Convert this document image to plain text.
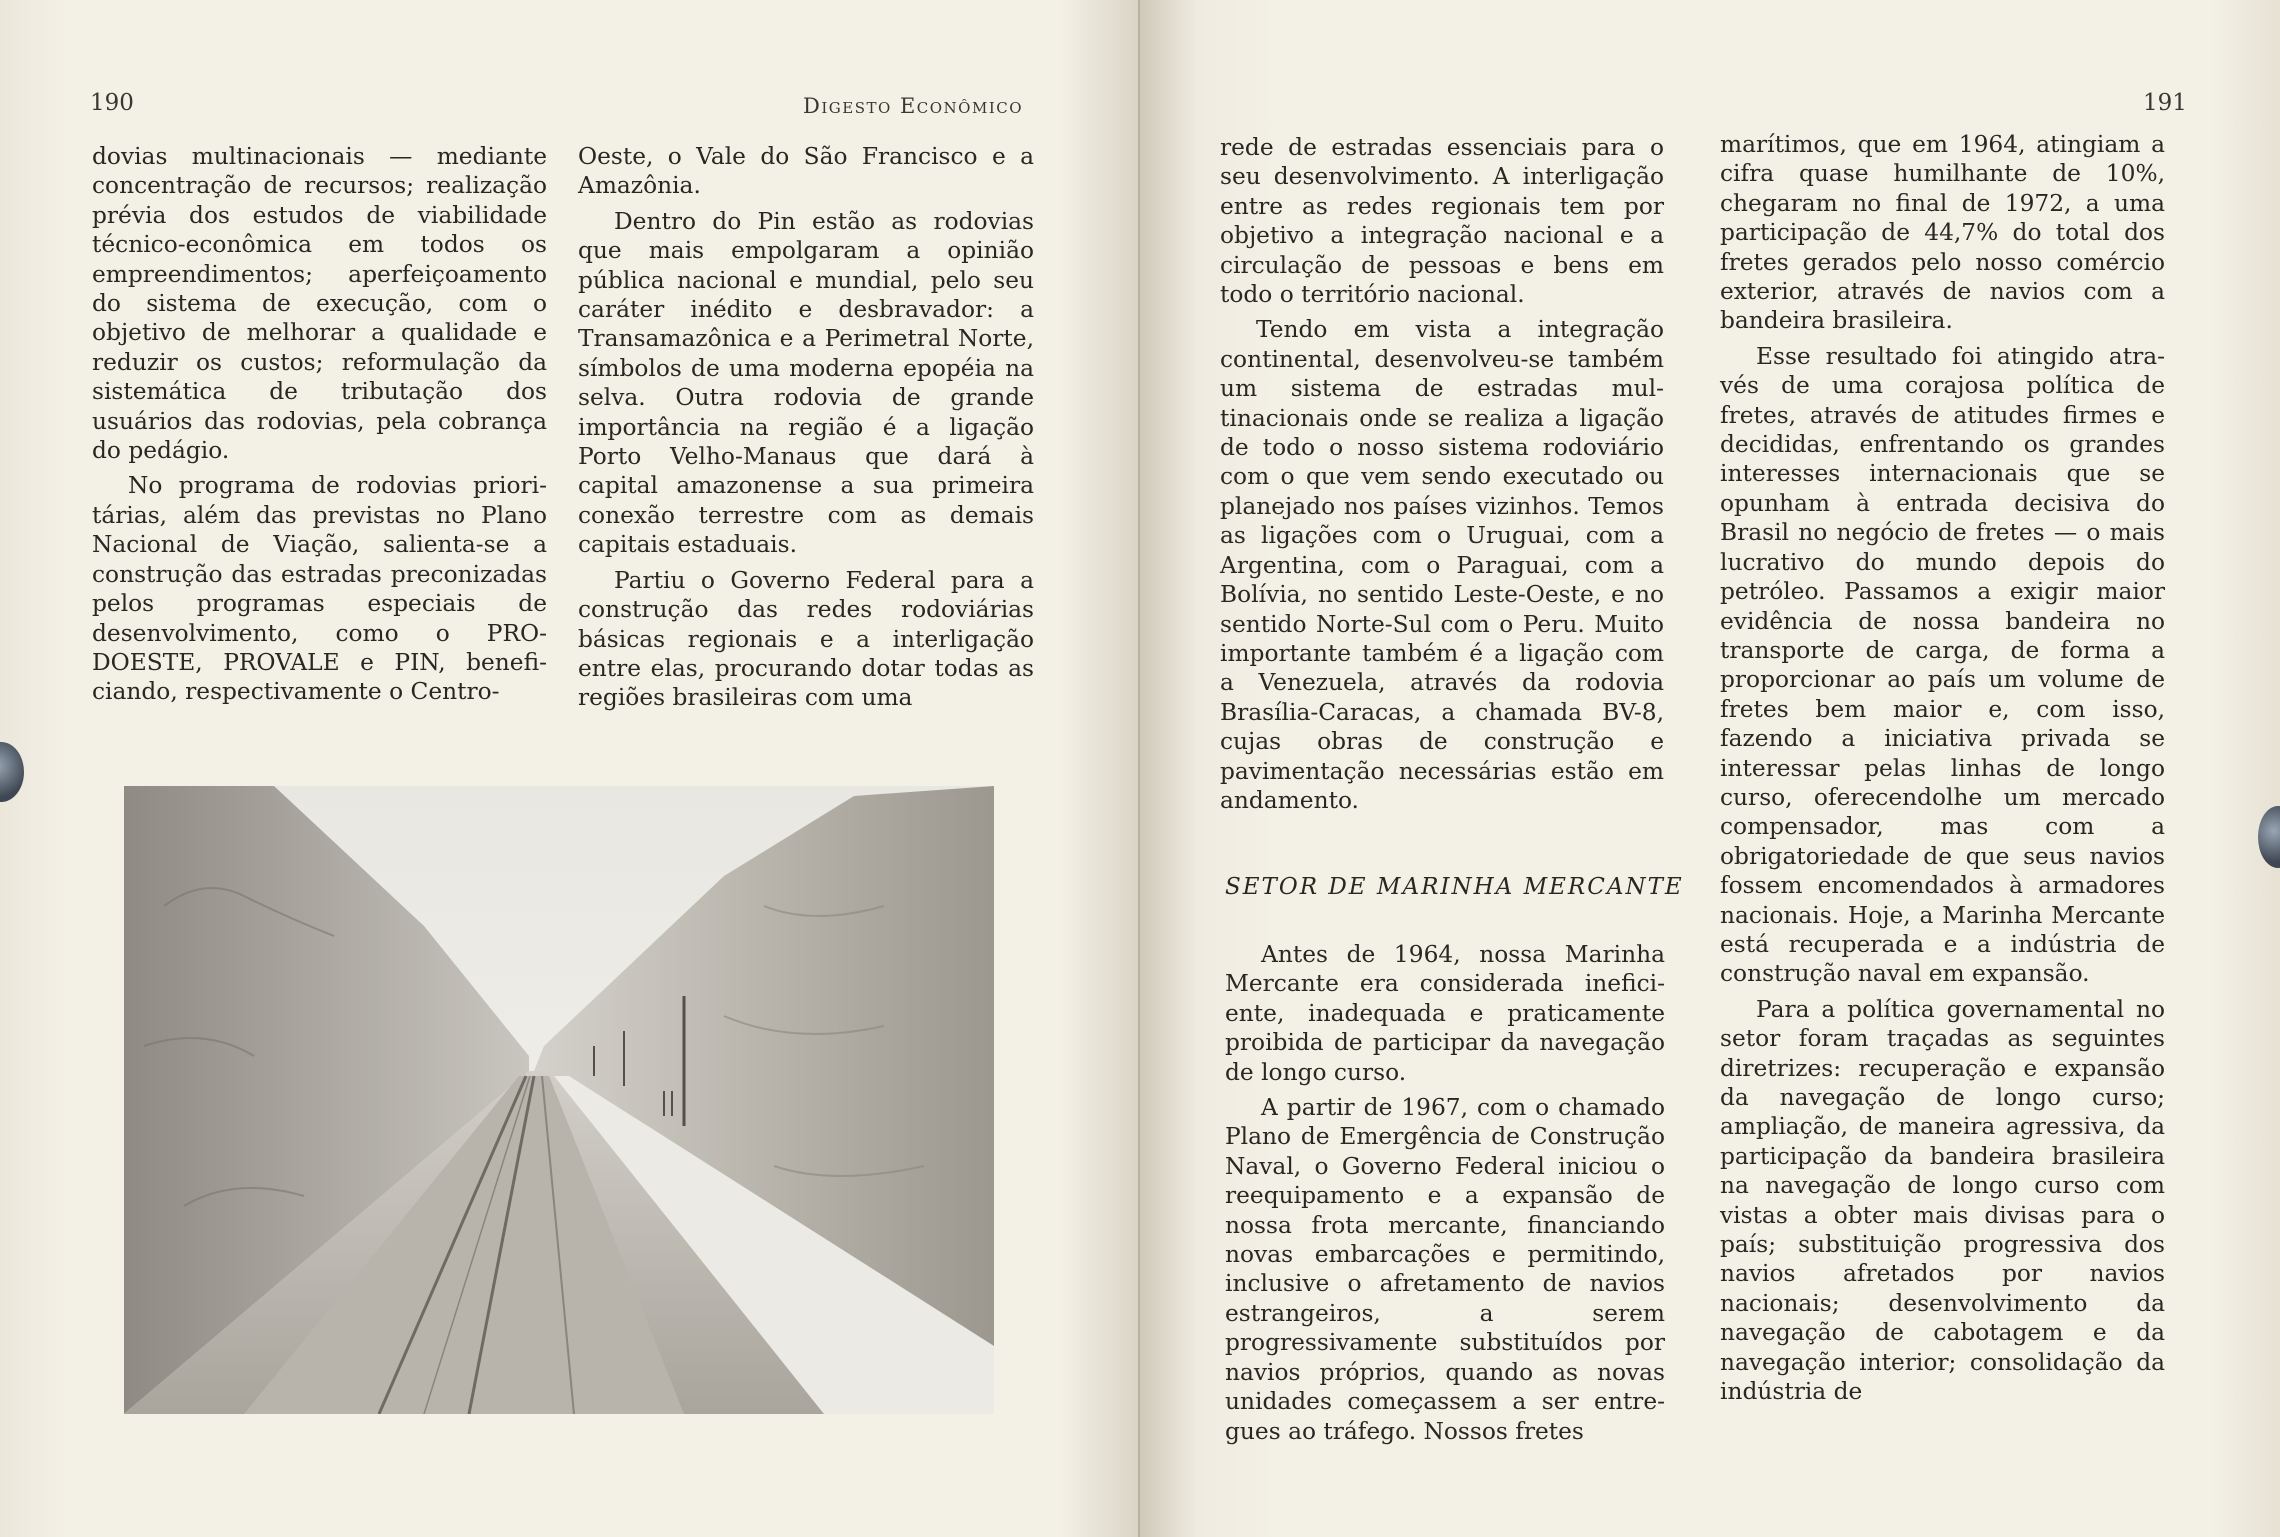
190	Digesto Econômico

dovias multinacionais — mediante concentração de recursos; realização prévia dos estudos de viabilidade técnico-econômica em todos os empreendimentos; aperfeiçoamento do sistema de execução, com o objetivo de melhorar a qualidade e reduzir os custos; reformulação da sistemática de tributação dos usuários das rodovias, pela cobrança do pedágio.

No programa de rodovias prioritárias, além das previstas no Plano Nacional de Viação, salienta-se a construção das estradas preconizadas pelos programas especiais de desenvolvimento, como o PRODOESTE, PROVALE e PIN, beneficiando, respectivamente o Centro-

Oeste, o Vale do São Francisco e a Amazônia.

Dentro do Pin estão as rodovias que mais empolgaram a opinião pública nacional e mundial, pelo seu caráter inédito e desbravador: a Transamazônica e a Perimetral Norte, símbolos de uma moderna epopéia na selva. Outra rodovia de grande importância na região é a ligação Porto Velho-Manaus que dará à capital amazonense a sua primeira conexão terrestre com as demais capitais estaduais.

Partiu o Governo Federal para a construção das redes rodoviárias básicas regionais e a interligação entre elas, procurando dotar todas as regiões brasileiras com uma

191

rede de estradas essenciais para o seu desenvolvimento. A interligação entre as redes regionais tem por objetivo a integração nacional e a circulação de pessoas e bens em todo o território nacional.

Tendo em vista a integração continental, desenvolveu-se também um sistema de estradas multinacionais onde se realiza a ligação de todo o nosso sistema rodoviário com o que vem sendo executado ou planejado nos países vizinhos. Temos as ligações com o Uruguai, com a Argentina, com o Paraguai, com a Bolívia, no sentido Leste-Oeste, e no sentido Norte-Sul com o Peru. Muito importante também é a ligação com a Venezuela, através da rodovia Brasília-Caracas, a chamada BV-8, cujas obras de construção e pavimentação necessárias estão em andamento.

Antes de 1964, nossa Marinha Mercante era considerada ineficiente, inadequada e praticamente proibida de participar da navegação de longo curso.

A partir de 1967, com o chamado Plano de Emergência de Construção Naval, o Governo Federal iniciou o reequipamento e a expansão de nossa frota mercante, financiando novas embarcações e permitindo, inclusive o afretamento de navios estrangeiros, a serem progressivamente substituídos por navios próprios, quando as novas unidades começassem a ser entregues ao tráfego. Nossos fretes

marítimos, que em 1964, atingiam a cifra quase humilhante de 10%, chegaram no final de 1972, a uma participação de 44,7% do total dos fretes gerados pelo nosso comércio exterior, através de navios com a bandeira brasileira.

Esse resultado foi atingido através de uma corajosa política de fretes, através de atitudes firmes e decididas, enfrentando os grandes interesses internacionais que se opunham à entrada decisiva do Brasil no negócio de fretes — o mais lucrativo do mundo depois do petróleo. Passamos a exigir maior evidência de nossa bandeira no transporte de carga, de forma a proporcionar ao país um volume de fretes bem maior e, com isso, fazendo a iniciativa privada se interessar pelas linhas de longo curso, oferecendolhe um mercado compensador, mas com a obrigatoriedade de que seus navios fossem encomendados à armadores nacionais. Hoje, a Marinha Mercante está recuperada e a indústria de construção naval em expansão.

Para a política governamental no setor foram traçadas as seguintes diretrizes: recuperação e expansão da navegação de longo curso; ampliação, de maneira agressiva, da participação da bandeira brasileira na navegação de longo curso com vistas a obter mais divisas para o país; substituição progressiva dos navios afretados por navios nacionais; desenvolvimento da navegação de cabotagem e da navegação interior; consolidação da indústria de

SETOR DE MARINHA MERCANTE
